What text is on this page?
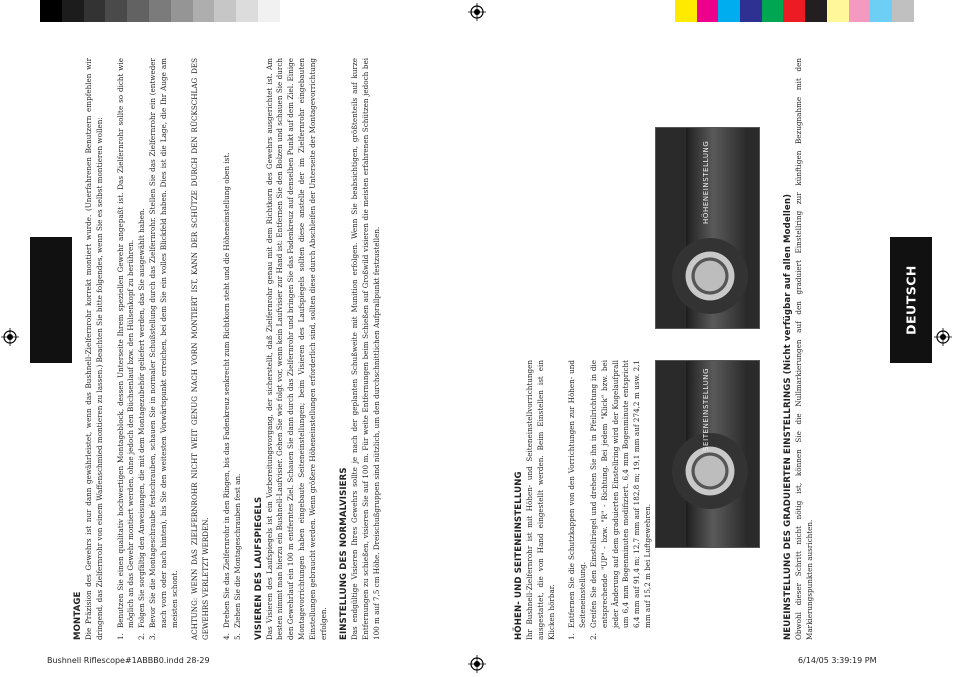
DEUTSCH
MONTAGE Die Präzision des Gewehrs ist nur dann gewährleistet, wenn das Bushnell-Zielfernrohr korrekt montiert wurde. (Unerfahrenen Benutzern empfehlen wir dringend, das Zielfernrohr von einem Waffenschmied montieren zu lassen.) Beachten Sie bitte folgendes, wenn Sie es selbst montieren wollen: 1.
Benutzen Sie einen qualitativ hochwertigen Montageblock, dessen Unterseite Ihrem speziellen Gewehr angepaßt ist. Das Zielfernrohr sollte so dicht wie möglich an das Gewehr montiert werden, ohne jedoch den Büchsenlauf bzw. den Hülsenkopf zu berühren.
2.
Folgen Sie sorgfältig den Anweisungen, die mit dem Montagezubehör geliefert werden, das Sie ausgewählt haben.
3.
Bevor Sie die Montageschraube festschrauben, schauen Sie in normaler Schußstellung durch das Zielfernrohr. Stellen Sie das Zielfernrohr ein (entweder nach vorn oder nach hinten), bis Sie den weitesten Vorwärtspunkt erreichen, bei dem Sie ein volles Blickfeld haben. Dies ist die Lage, die Ihr Auge am meisten schont. ACHTUNG: WENN DAS ZIELFERNROHR NICHT WEIT GENUG NACH VORN MONTIERT IST, KANN DER SCHÜTZE DURCH DEN RÜCKSCHLAG DES GEWEHRS VERLETZT WERDEN. 4.
Drehen Sie das Zielfernrohr in den Ringen, bis das Fadenkreuz senkrecht zum Richtkorn steht und die Höheneinstellung oben ist.
5.
Ziehen Sie die Montageschrauben fest an. VISIEREN DES LAUFSPIEGELS Das Visieren des Laufspiegels ist ein Vorbereitungsvorgang, der sicherstellt, daß Zielfernrohr genau mit dem Richtkorn des Gewehrs ausgerichtet ist. Am besten nimmt man hierzu ein Bushnell-Laufvisier. Gehen Sie wie folgt vor, wenn kein Laufvisier zur Hand ist: Entfernen Sie den Bolzen und schauen Sie durch den Gewehrlauf ein 100 m entferntes Ziel. Schauen Sie dann durch das Zielfernrohr und bringen Sie das Fadenkreuz auf denselben Punkt auf dem Ziel. Einige Montagevorrichtungen haben eingebaute Seiteneinstellungen; beim Visieren des Laufspiegels sollten diese anstelle der im Zielfernrohr eingebauten Einstellungen gebraucht werden. Wenn größere Höheneinstellungen erforderlich sind, sollten diese durch Abschleifen der Unterseite der Montagevorrichtung erfolgen. EINSTELLUNG DES NORMALVISIERS Das endgültige Visieren Ihres Gewehrs sollte je nach der geplanten Schußweite mit Munition erfolgen. Wenn Sie beabsichtigen, größtenteils auf kurze Entfernungen zu schießen, visieren Sie auf 100 m. Für weite Entfernungen beim Schießen auf Großwild visieren die meisten erfahrenen Schützen jedoch bei 100 m auf 7,5 cm Höhe. Dreischußgruppen sind nützlich, um den durchschnittlichen Aufprallpunkt festzustellen.	HÖHEN- UND SEITENEINSTELLUNG Ihr Bushnell-Zielfernrohr ist mit Höhen- und Seiteneinstellvorrichtungen ausgestattet, die von Hand eingestellt werden. Beim Einstellen ist ein Klicken hörbar. 1.
Entfernen Sie die Schutzkappen von den Vorrichtungen zur Höhen- und Seiteneinstellung.
2.
Greifen Sie den Einstellriegel und drehen Sie ihn in Pfeilrichtung in die entsprechende "UP" - bzw. "R" - Richtung. Bei jedem "Klick" bzw. bei jeder Änderung auf dem graduierten Einstellring wird der Kugelaufprall um 6,4 mm Bogenminuten modifiziert. 6,4 mm Bogenminute entspricht 6,4 mm auf 91,4 m; 12,7 mm auf 182,8 m; 19,1 mm auf 274,2 m usw. 2,1 mm auf 15,2 m bei Luftgewehren.	NEUEINSTELLUNG DES GRADUIERTEN EINSTELLRINGS (Nicht verfügbar auf allen Modellen) Obwohl dieser Schritt nicht nötig ist, können Sie die Nullmarkierungen auf den graduiert Einstellring zur künftigen Bezugnahme mit den Markierungspunkten ausrichten.

SEITENEINSTELLUNG
HÖHENEINSTELLUNG
Bushnell Riflescope#1ABBB0.indd 28-29	6/14/05 3:39:19 PM
